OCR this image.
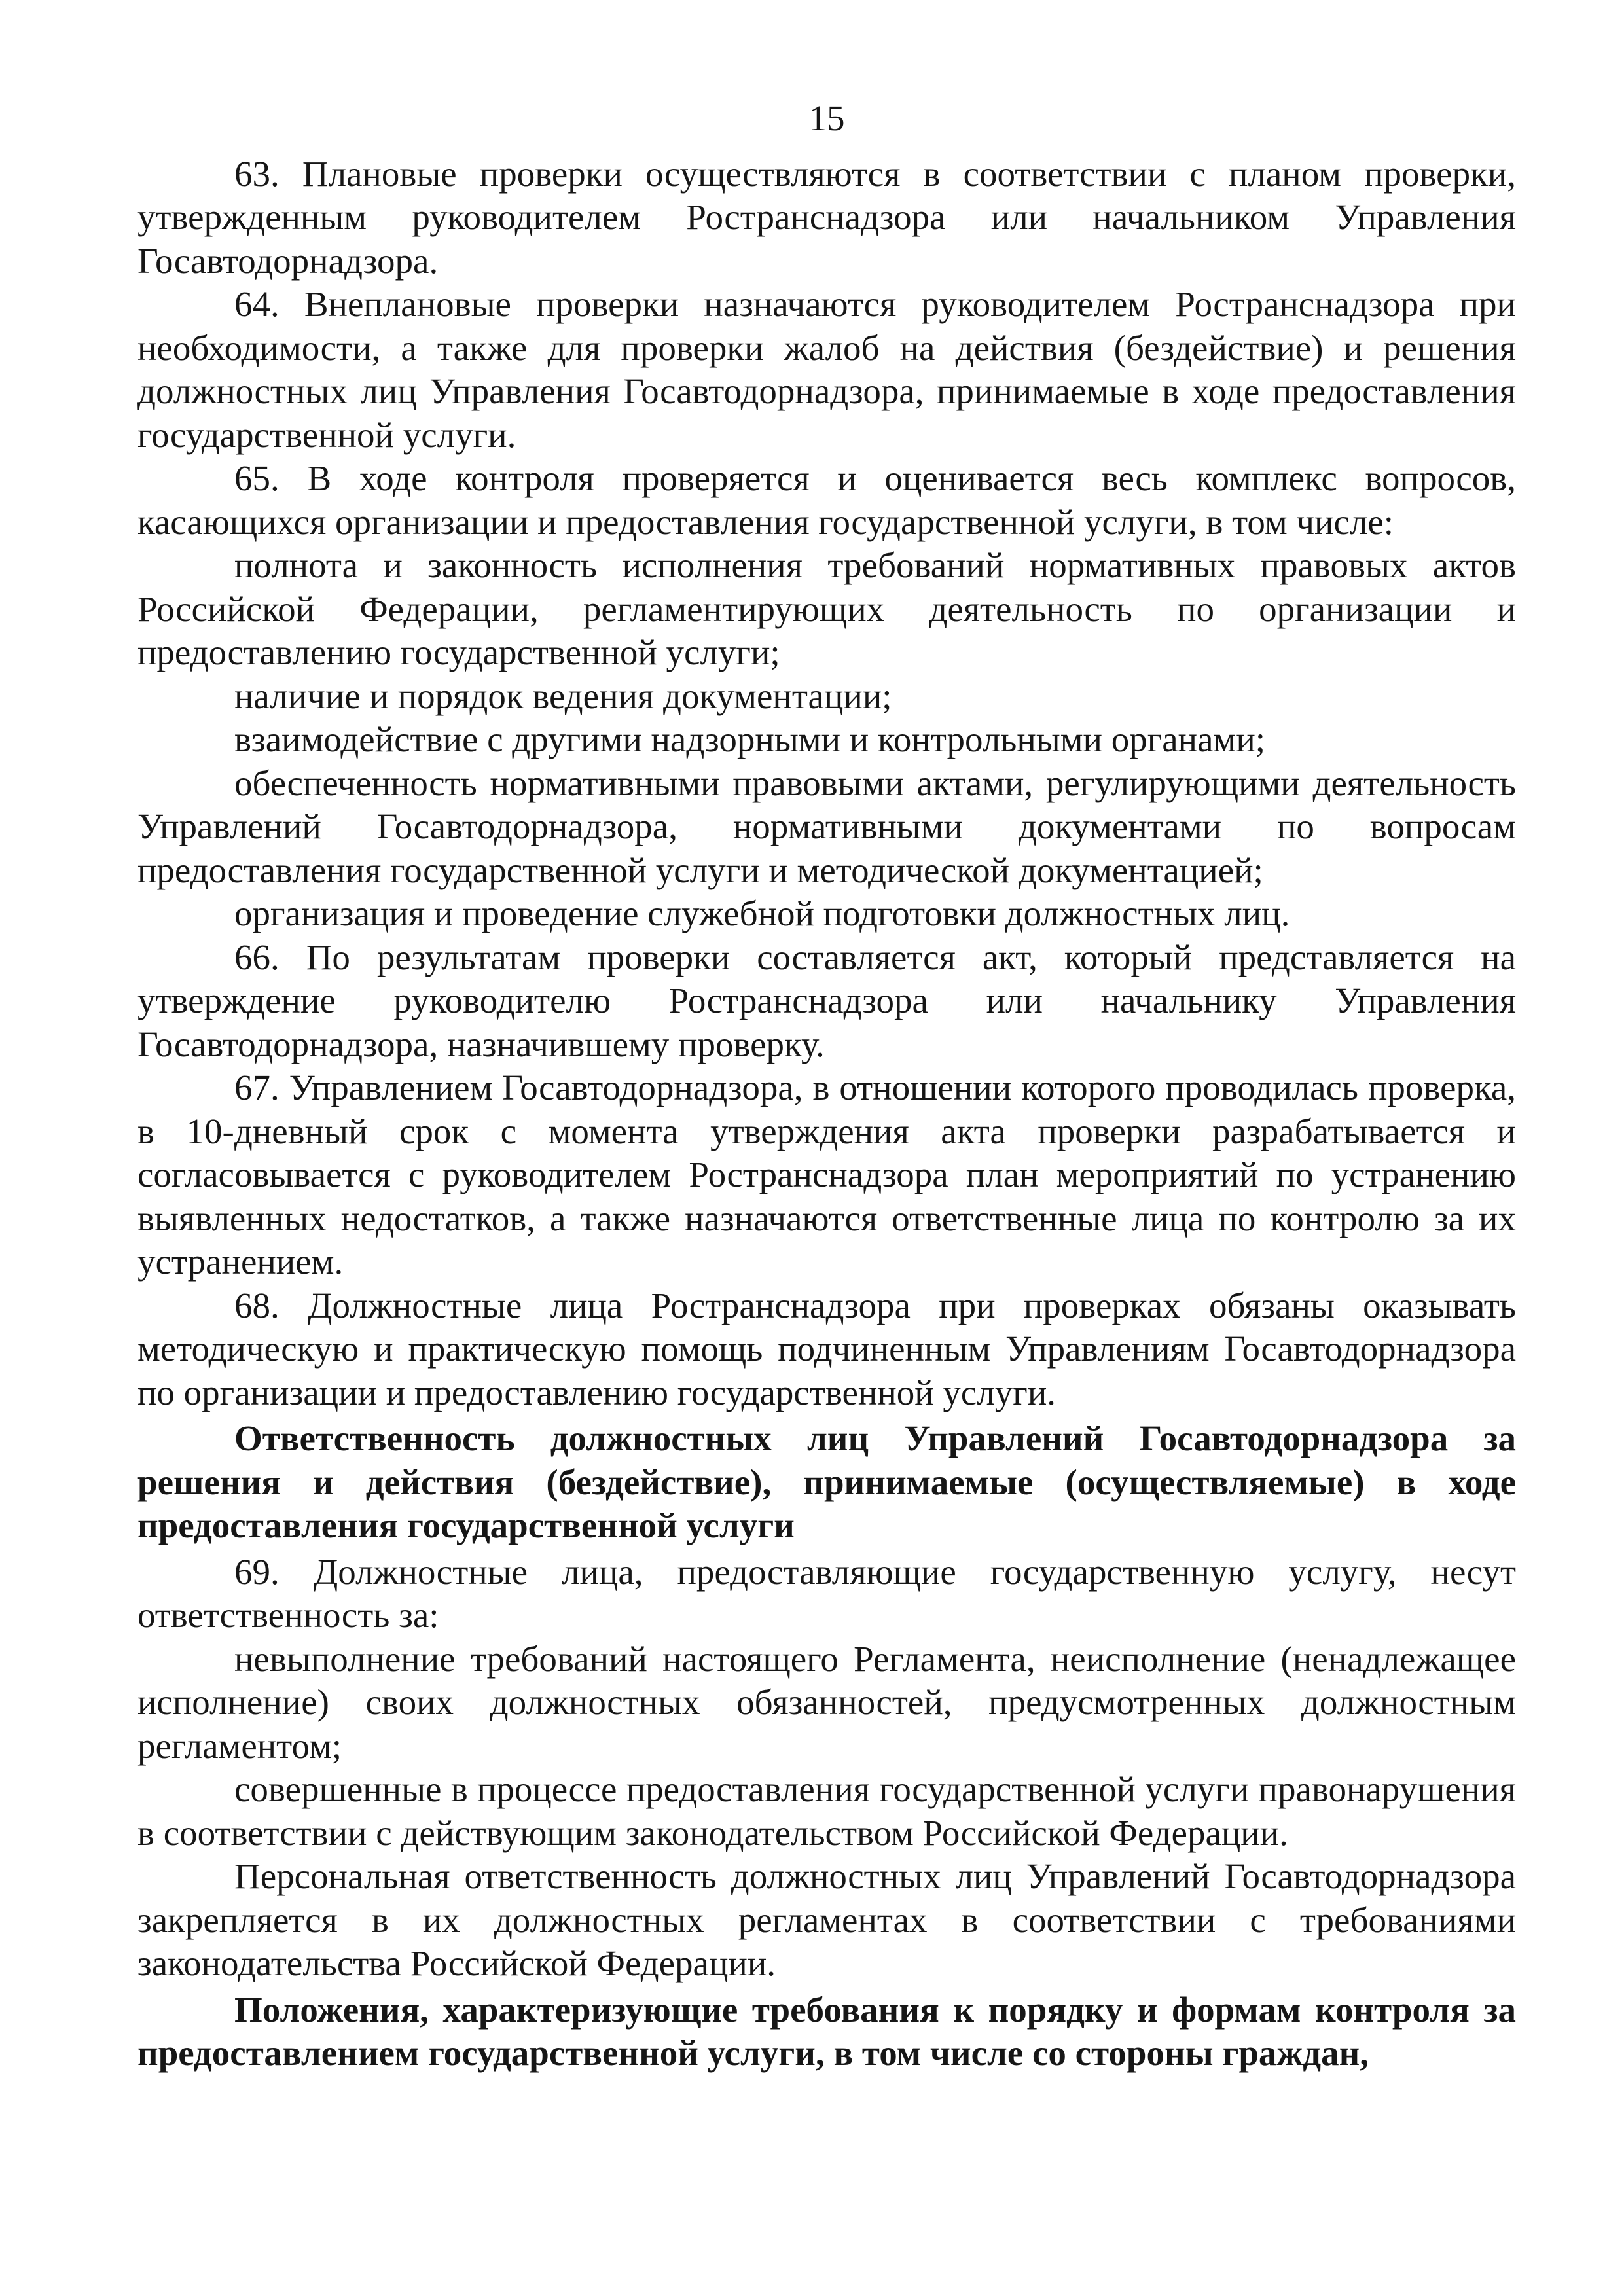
15

63. Плановые проверки осуществляются в соответствии с планом проверки, утвержденным руководителем Ространснадзора или начальником Управления Госавтодорнадзора.

64. Внеплановые проверки назначаются руководителем Ространснадзора при необходимости, а также для проверки жалоб на действия (бездействие) и решения должностных лиц Управления Госавтодорнадзора, принимаемые в ходе предоставления государственной услуги.

65. В ходе контроля проверяется и оценивается весь комплекс вопросов, касающихся организации и предоставления государственной услуги, в том числе:

полнота и законность исполнения требований нормативных правовых актов Российской Федерации, регламентирующих деятельность по организации и предоставлению государственной услуги;

наличие и порядок ведения документации;

взаимодействие с другими надзорными и контрольными органами;

обеспеченность нормативными правовыми актами, регулирующими деятельность Управлений Госавтодорнадзора, нормативными документами по вопросам предоставления государственной услуги и методической документацией;

организация и проведение служебной подготовки должностных лиц.

66. По результатам проверки составляется акт, который представляется на утверждение руководителю Ространснадзора или начальнику Управления Госавтодорнадзора, назначившему проверку.

67. Управлением Госавтодорнадзора, в отношении которого проводилась проверка, в 10-дневный срок с момента утверждения акта проверки разрабатывается и согласовывается с руководителем Ространснадзора план мероприятий по устранению выявленных недостатков, а также назначаются ответственные лица по контролю за их устранением.

68. Должностные лица Ространснадзора при проверках обязаны оказывать методическую и практическую помощь подчиненным Управлениям Госавтодорнадзора по организации и предоставлению государственной услуги.

Ответственность должностных лиц Управлений Госавтодорнадзора за решения и действия (бездействие), принимаемые (осуществляемые) в ходе предоставления государственной услуги

69. Должностные лица, предоставляющие государственную услугу, несут ответственность за:

невыполнение требований настоящего Регламента, неисполнение (ненадлежащее исполнение) своих должностных обязанностей, предусмотренных должностным регламентом;

совершенные в процессе предоставления государственной услуги правонарушения в соответствии с действующим законодательством Российской Федерации.

Персональная ответственность должностных лиц Управлений Госавтодорнадзора закрепляется в их должностных регламентах в соответствии с требованиями законодательства Российской Федерации.

Положения, характеризующие требования к порядку и формам контроля за предоставлением государственной услуги, в том числе со стороны граждан,
